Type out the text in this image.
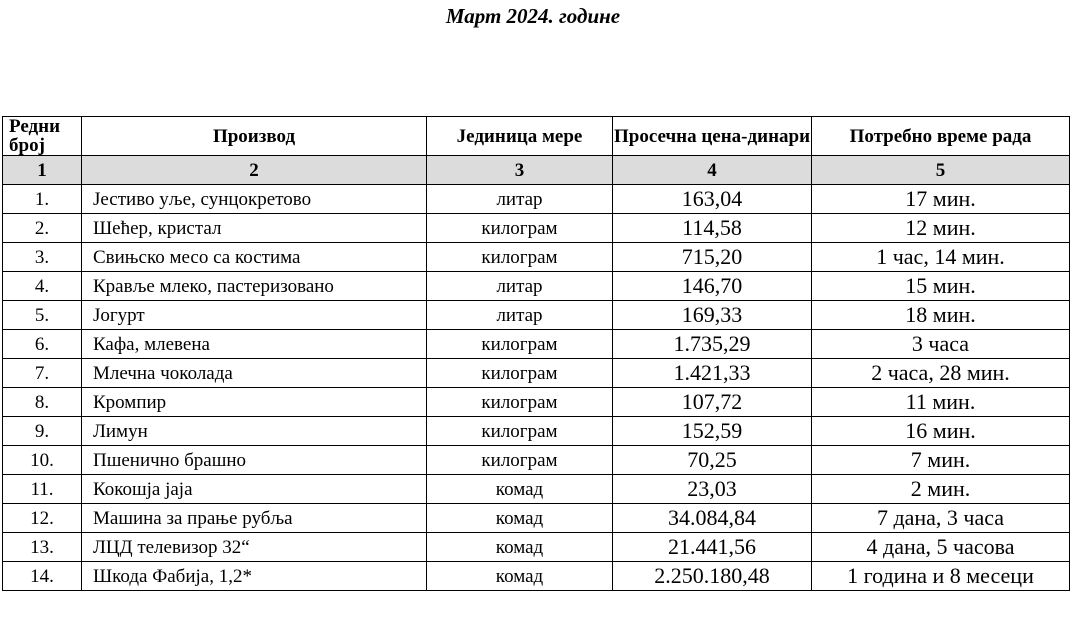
Март 2024. године
Редни број	Производ	Јединица мере	Просечна цена-динари	Потребно време рада
1	2	3	4	5
1.	Јестиво уље, сунцокретово	литар	163,04	17 мин.
2.	Шећер, кристал	килограм	114,58	12 мин.
3.	Свињско месо са костима	килограм	715,20	1 час, 14 мин.
4.	Крављe млеко, пастеризовано	литар	146,70	15 мин.
5.	Јогурт	литар	169,33	18 мин.
6.	Кафа, млевена	килограм	1.735,29	3 часа
7.	Млечна чоколада	килограм	1.421,33	2 часа, 28 мин.
8.	Кромпир	килограм	107,72	11 мин.
9.	Лимун	килограм	152,59	16 мин.
10.	Пшенично брашно	килограм	70,25	7 мин.
11.	Кокошја јаја	комад	23,03	2 мин.
12.	Машина за прање рубља	комад	34.084,84	7 дана, 3 часа
13.	ЛЦД телевизор 32“	комад	21.441,56	4 дана, 5 часова
14.	Шкода Фабија, 1,2*	комад	2.250.180,48	1 година и 8 месеци
